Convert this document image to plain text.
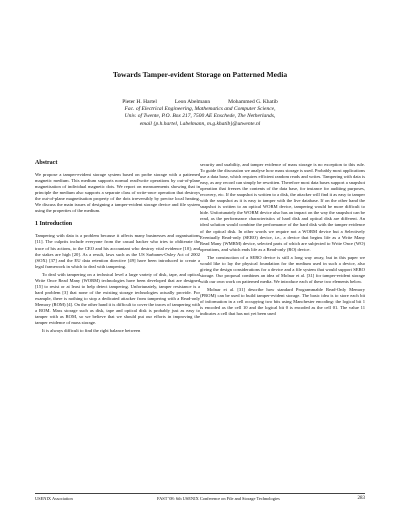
Towards Tamper-evident Storage on Patterned Media
Pieter H. Hartel	Leon Abelmann	Mohammed G. Khatib
Fac. of Electrical Engineering, Mathematics and Computer Science,
Univ. of Twente, P.O. Box 217, 7500 AE Enschede, The Netherlands,
email {p.h.hartel, l.abelmann, m.g.khatib}@utwente.nl
Abstract

We propose a tamper-evident storage system based on probe storage with a patterned magnetic medium. This medium supports normal read/write operations by out-of-plane magnetisation of individual magnetic dots. We report on measurements showing that in principle the medium also supports a separate class of write-once operation that destroys the out-of-plane magnetisation property of the dots irreversibly by precise local heating. We discuss the main issues of designing a tamper-evident storage device and file system using the properties of the medium.

1 Introduction

Tampering with data is a problem because it affects many businesses and organisations [11]. The culprits include everyone from the casual hacker who tries to obliterate the trace of his actions, to the CEO and his accountant who destroy vital evidence [10]; and the stakes are high [20]. As a result, laws such as the US Sarbanes-Oxley Act of 2002 (SOX) [37] and the EU data retention directive [49] have been introduced to create a legal framework in which to deal with tampering.

To deal with tampering on a technical level a large variety of disk, tape, and optical Write Once Read Many (WORM) technologies have been developed that are designed [15] to resist or at least to help detect tampering. Unfortunately, tamper resistance is a hard problem [3] that none of the existing storage technologies actually provide. For example, there is nothing to stop a dedicated attacker from tampering with a Read-only Memory (ROM) [4]. On the other hand it is difficult to cover the traces of tampering with a ROM. Mass storage such as disk, tape and optical disk is probably just as easy to tamper with as ROM, so we believe that we should put our efforts in improving the tamper evidence of mass storage.

It is always difficult to find the right balance between

security and usability, and tamper evidence of mass storage is no exception to this rule. To guide the discussion we analyse how mass storage is used. Probably most applications use a data base, which requires efficient random reads and writes. Tampering with data is easy, as any record can simply be rewritten. Therefore most data bases support a snapshot operation that freezes the contents of the data base, for instance for auditing purposes, recovery, etc. If the snapshot is written to a disk, the attacker will find it as easy to tamper with the snapshot as it is easy to tamper with the live database. If on the other hand the snapshot is written to an optical WORM device, tampering would be more difficult to hide. Unfortunately the WORM device also has an impact on the way the snapshot can be read, as the performance characteristics of hard disk and optical disk are different. An ideal solution would combine the performance of the hard disk with the tamper evidence of the optical disk. In other words we require not a WORM device but a Selectively Eventually Read-only (SERO) device, i.e., a device that begins life as a Write Many Read Many (WMRM) device, selected parts of which are subjected to Write Once (WO) operations, and which ends life as a Read-only (RO) device.

The construction of a SERO device is still a long way away, but in this paper we would like to lay the physical foundation for the medium used in such a device, also giving the design considerations for a device and a file system that would support SERO storage. Our proposal combines an idea of Molnar et al. [31] for tamper-evident storage with our own work on patterned media. We introduce each of these two elements below.

Molnar et al. [31] describe how standard Programmable Read-Only Memory (PROM) can be used to build tamper-evident storage. The basic idea is to store each bit of information in a cell occupying two bits using Manchester encoding: the logical bit 1 is encoded as the cell 10 and the logical bit 0 is encoded as the cell 01. The value 11 indicates a cell that has not yet been used

USENIX Association	FAST '08: 6th USENIX Conference on File and Storage Technologies	283
